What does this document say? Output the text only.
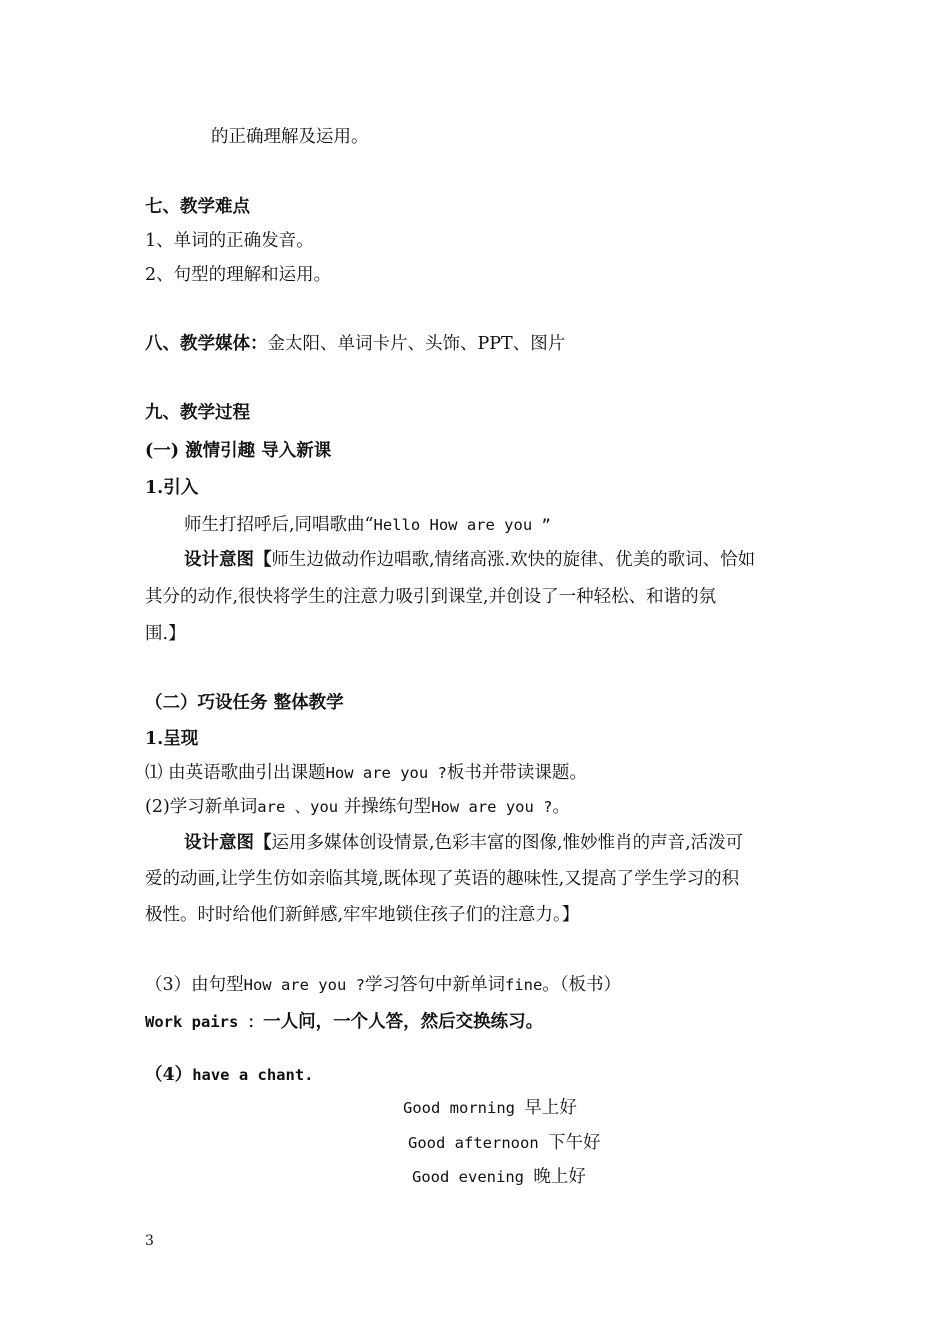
的正确理解及运用。
七、教学难点
1、单词的正确发音。
2、句型的理解和运用。
八、教学媒体：金太阳、单词卡片、头饰、PPT、图片
九、教学过程
(一) 激情引趣 导入新课
1.引入
师生打招呼后,同唱歌曲“Hello How are you ”
设计意图【师生边做动作边唱歌,情绪高涨.欢快的旋律、优美的歌词、恰如
其分的动作,很快将学生的注意力吸引到课堂,并创设了一种轻松、和谐的氛
围.】
（二）巧设任务 整体教学
1.呈现
⑴ 由英语歌曲引出课题How are you ?板书并带读课题。
(2)学习新单词are 、you 并操练句型How are you ?。
设计意图【运用多媒体创设情景,色彩丰富的图像,惟妙惟肖的声音,活泼可
爱的动画,让学生仿如亲临其境,既体现了英语的趣味性,又提高了学生学习的积
极性。时时给他们新鲜感,牢牢地锁住孩子们的注意力。】
（3）由句型How are you ?学习答句中新单词fine。（板书）
Work pairs ：一人问，一个人答，然后交换练习。
（4）have a chant.
Good morning 早上好
Good afternoon 下午好
Good evening 晚上好
3
